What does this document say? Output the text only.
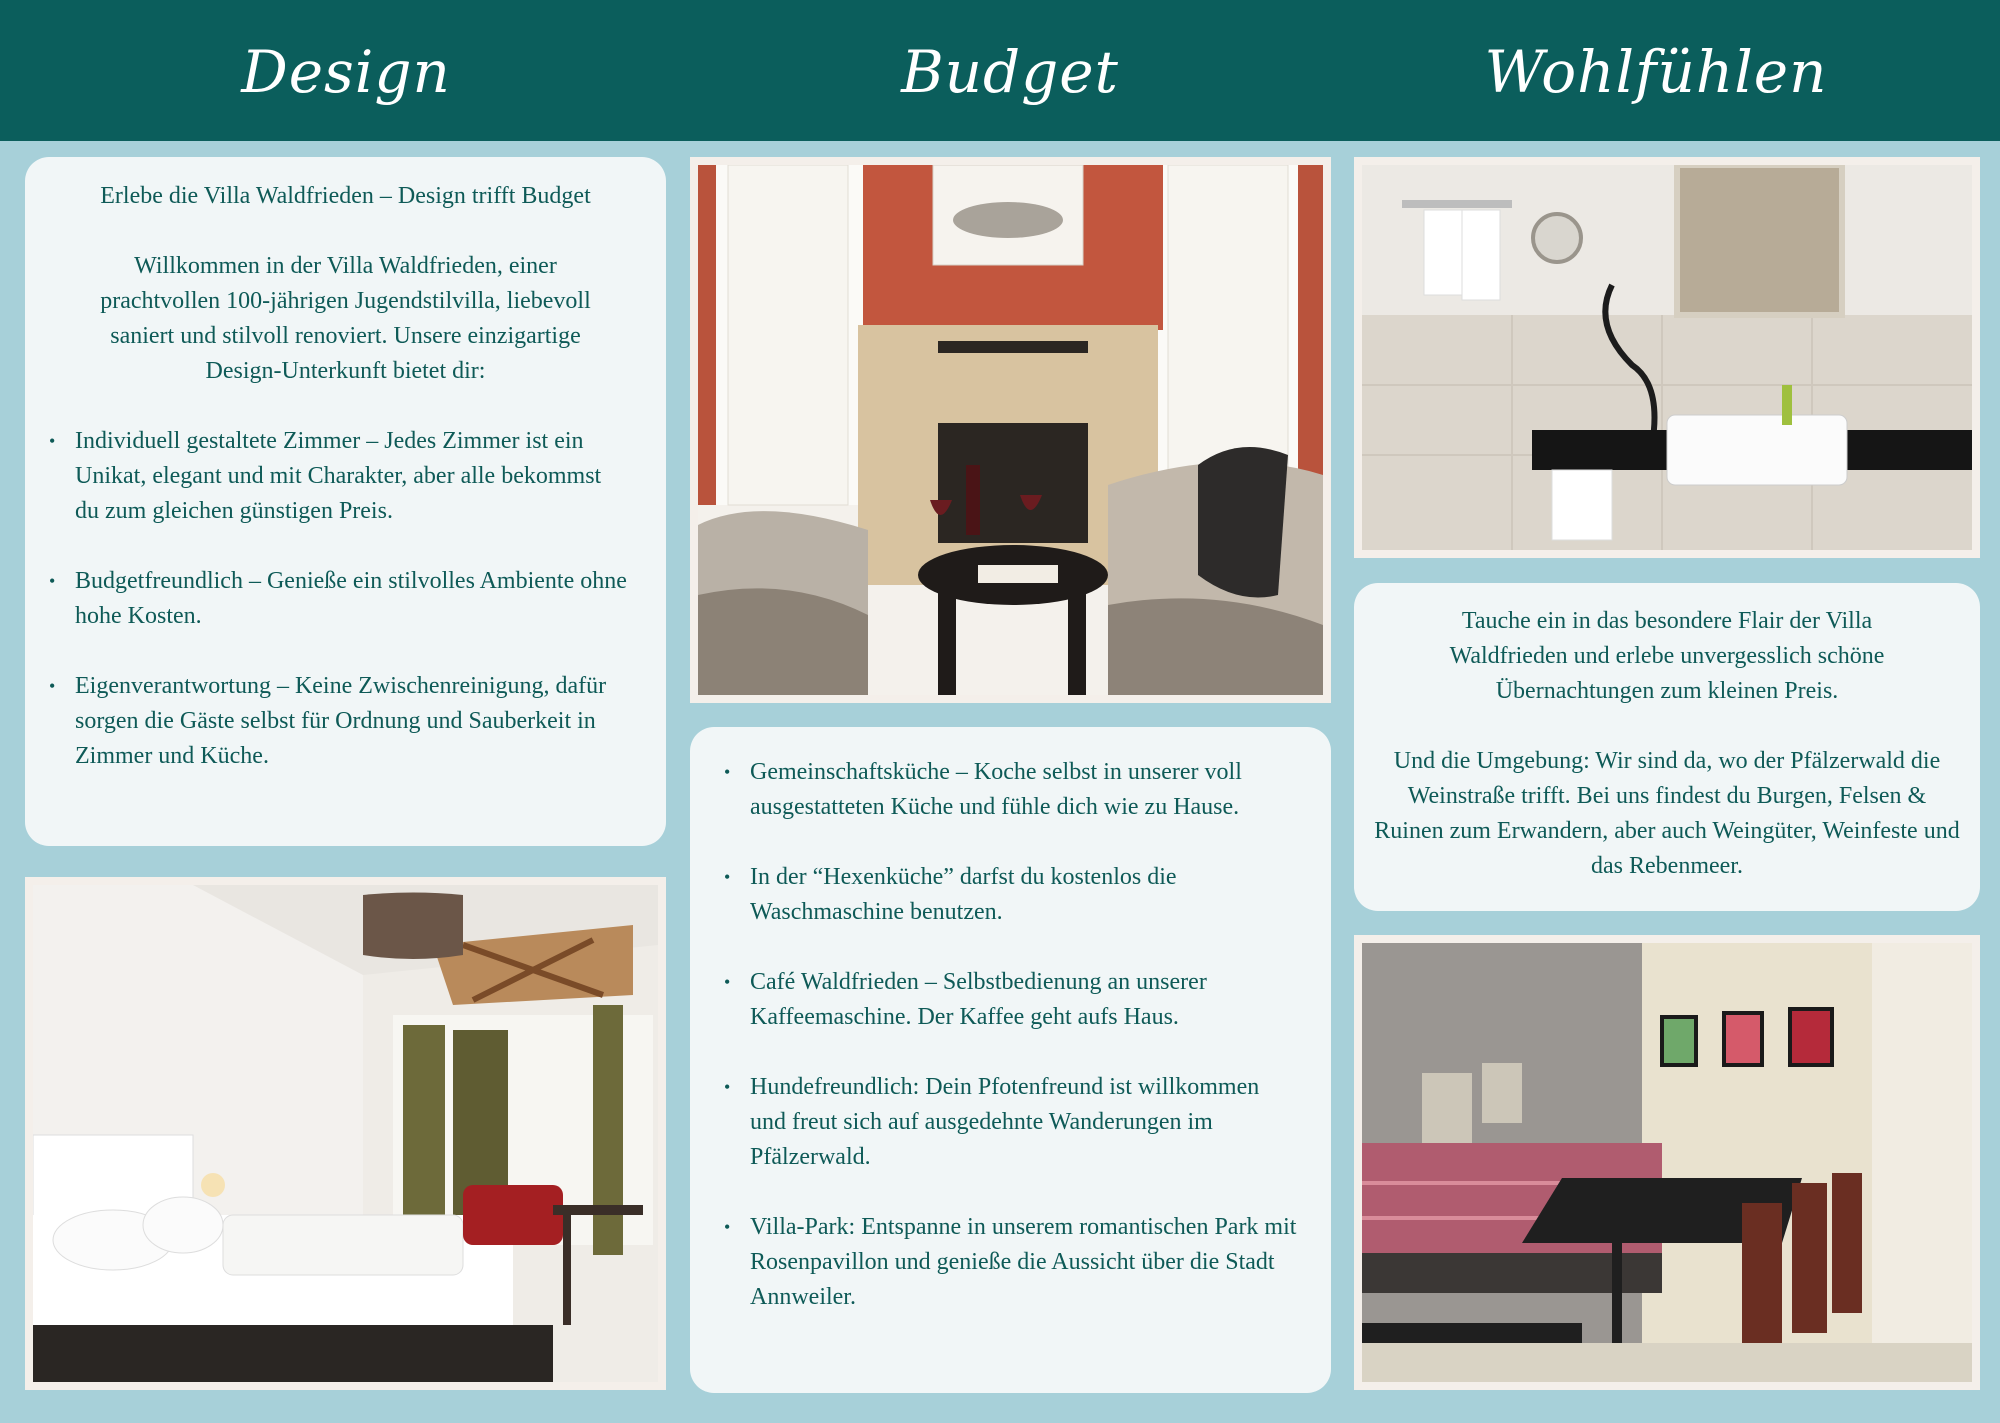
Design	Budget	Wohlfühlen

Erlebe die Villa Waldfrieden – Design trifft Budget

Willkommen in der Villa Waldfrieden, einer prachtvollen 100-jährigen Jugendstilvilla, liebevoll saniert und stilvoll renoviert. Unsere einzigartige Design-Unterkunft bietet dir:

• Individuell gestaltete Zimmer – Jedes Zimmer ist ein Unikat, elegant und mit Charakter, aber alle bekommst du zum gleichen günstigen Preis.
• Budgetfreundlich – Genieße ein stilvolles Ambiente ohne hohe Kosten.
• Eigenverantwortung – Keine Zwischenreinigung, dafür sorgen die Gäste selbst für Ordnung und Sauberkeit in Zimmer und Küche.
• Gemeinschaftsküche – Koche selbst in unserer voll ausgestatteten Küche und fühle dich wie zu Hause.
• In der “Hexenküche” darfst du kostenlos die Waschmaschine benutzen.
• Café Waldfrieden – Selbstbedienung an unserer Kaffeemaschine. Der Kaffee geht aufs Haus.
• Hundefreundlich: Dein Pfotenfreund ist willkommen und freut sich auf ausgedehnte Wanderungen im Pfälzerwald.
• Villa-Park: Entspanne in unserem romantischen Park mit Rosenpavillon und genieße die Aussicht über die Stadt Annweiler.

Tauche ein in das besondere Flair der Villa Waldfrieden und erlebe unvergesslich schöne Übernachtungen zum kleinen Preis.

Und die Umgebung: Wir sind da, wo der Pfälzerwald die Weinstraße trifft. Bei uns findest du Burgen, Felsen & Ruinen zum Erwandern, aber auch Weingüter, Weinfeste und das Rebenmeer.
